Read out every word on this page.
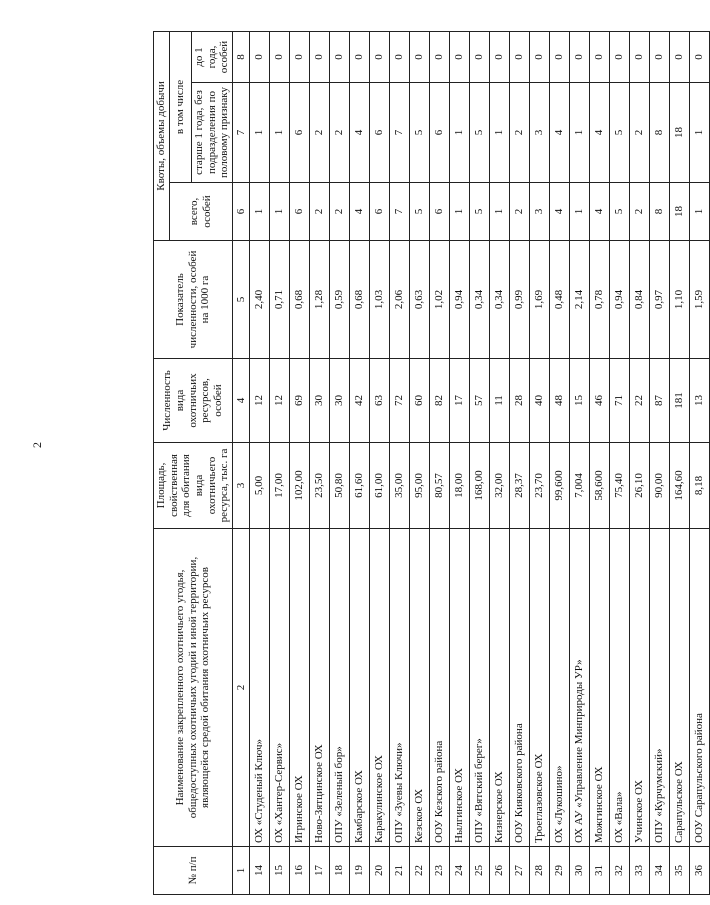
2
№ п/п	Наименование закрепленного охотничьего угодья, общедоступных охотничьих угодий и иной территории, являющейся средой обитания охотничьих ресурсов	Площадь, свойственная для обитания вида охотничьего ресурса, тыс. га	Численность вида охотничьих ресурсов, особей	Показатель численности, особей на 1000 га	Квоты, объемы добычи		
					всего, особей	в том числе	
						старше 1 года, без подразделения по половому признаку	до 1 года, особей
1	2	3	4	5	6	7	8
14	ОХ «Студеный Ключ»	5,00	12	2,40	1	1	0
15	ОХ «Хантер-Сервис»	17,00	12	0,71	1	1	0
16	Игринское ОХ	102,00	69	0,68	6	6	0
17	Ново-Зятцинское ОХ	23,50	30	1,28	2	2	0
18	ОПУ «Зеленый бор»	50,80	30	0,59	2	2	0
19	Камбарское ОХ	61,60	42	0,68	4	4	0
20	Каракулинское ОХ	61,00	63	1,03	6	6	0
21	ОПУ «Зуевы Ключи»	35,00	72	2,06	7	7	0
22	Кезское ОХ	95,00	60	0,63	5	5	0
23	ООУ Кезского района	80,57	82	1,02	6	6	0
24	Нылгинское ОХ	18,00	17	0,94	1	1	0
25	ОПУ «Вятский берег»	168,00	57	0,34	5	5	0
26	Кизнерское ОХ	32,00	11	0,34	1	1	0
27	ООУ Кияковского района	28,37	28	0,99	2	2	0
28	Троеглазовское ОХ	23,70	40	1,69	3	3	0
29	ОХ «Лукошино»	99,600	48	0,48	4	4	0
30	ОХ АУ «Управление Минприроды УР»	7,004	15	2,14	1	1	0
31	Можгинское ОХ	58,600	46	0,78	4	4	0
32	ОХ «Вала»	75,40	71	0,94	5	5	0
33	Учинское ОХ	26,10	22	0,84	2	2	0
34	ОПУ «Курчумский»	90,00	87	0,97	8	8	0
35	Сарапульское ОХ	164,60	181	1,10	18	18	0
36	ООУ Сарапульского района	8,18	13	1,59	1	1	0
